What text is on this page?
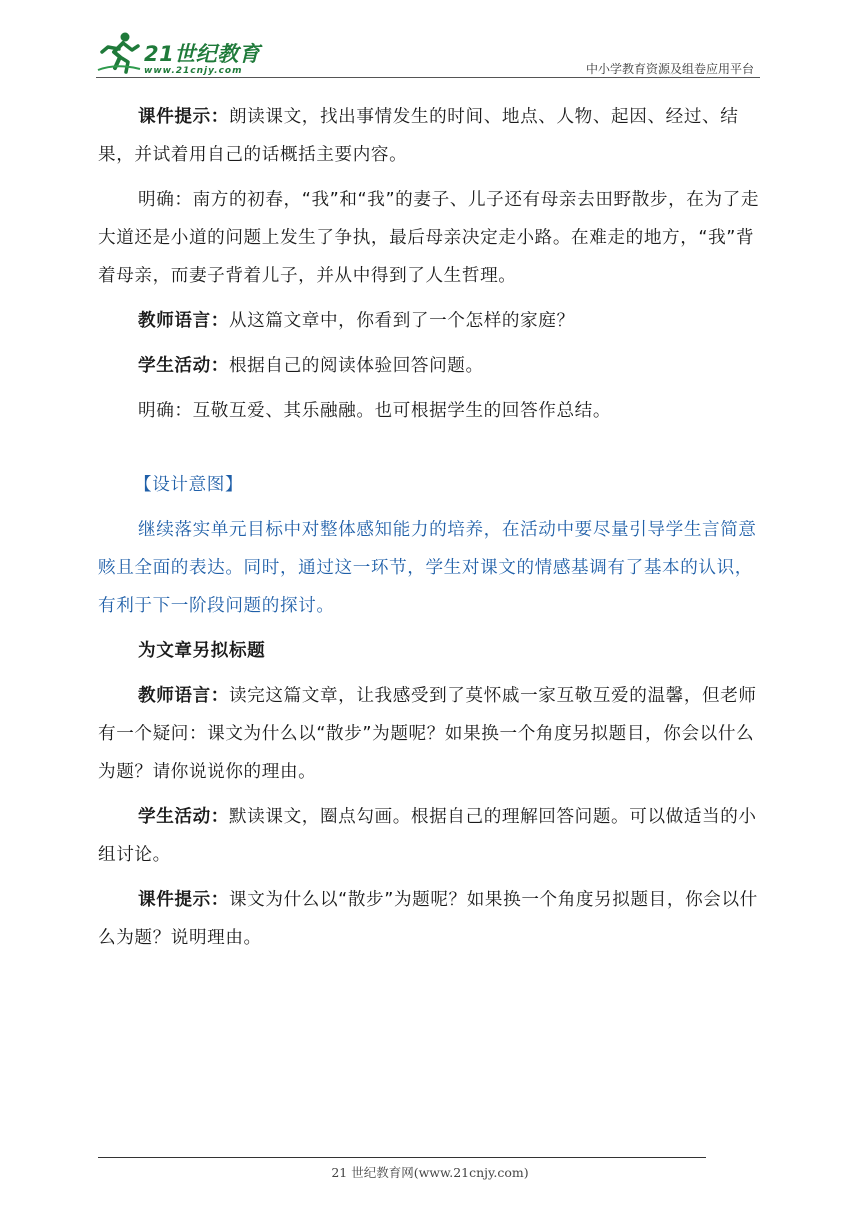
21世纪教育
www.21cnjy.com	中小学教育资源及组卷应用平台

课件提示：朗读课文，找出事情发生的时间、地点、人物、起因、经过、结果，并试着用自己的话概括主要内容。

明确：南方的初春，“我”和“我”的妻子、儿子还有母亲去田野散步，在为了走大道还是小道的问题上发生了争执，最后母亲决定走小路。在难走的地方，“我”背着母亲，而妻子背着儿子，并从中得到了人生哲理。

教师语言：从这篇文章中，你看到了一个怎样的家庭？

学生活动：根据自己的阅读体验回答问题。

明确：互敬互爱、其乐融融。也可根据学生的回答作总结。

【设计意图】

继续落实单元目标中对整体感知能力的培养，在活动中要尽量引导学生言简意赅且全面的表达。同时，通过这一环节，学生对课文的情感基调有了基本的认识，有利于下一阶段问题的探讨。

为文章另拟标题

教师语言：读完这篇文章，让我感受到了莫怀戚一家互敬互爱的温馨，但老师有一个疑问：课文为什么以“散步”为题呢？如果换一个角度另拟题目，你会以什么为题？请你说说你的理由。

学生活动：默读课文，圈点勾画。根据自己的理解回答问题。可以做适当的小组讨论。

课件提示：课文为什么以“散步”为题呢？如果换一个角度另拟题目，你会以什么为题？说明理由。

21 世纪教育网(www.21cnjy.com)
